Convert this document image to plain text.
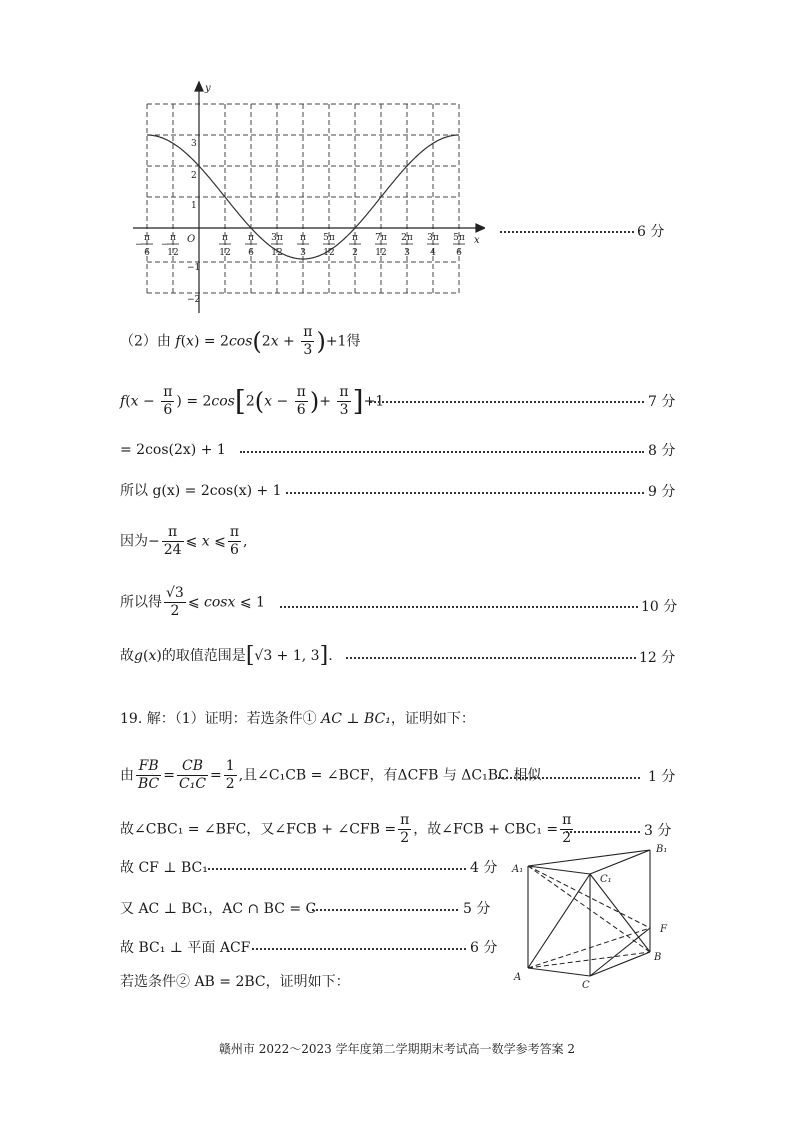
y
x
O
3
2
1
−1
−2
π
6
−
π
12
−
π
12
π
6
3π
12
π
3
5π
12
π
2
7π
12
2π
3
3π
4
5π
6
6 分
（2）由 $f(x) = 2\cos(2x + \frac{\pi}{3} )+1$得
$f(x - \frac{\pi}{6}$ ) = $2\cos[2(x - \frac{\pi}{6}$ )+ $\frac{\pi}{3} ]+1$	7 分
= 2cos(2x) + 1	8 分
所以 g(x) = 2cos(x) + 1	9 分
因为− $\frac{\pi}{24}$ ⩽ x ⩽ $\frac{\pi}{6}$ ,
所以得 $\frac{√3}{2}$ ⩽ cosx ⩽ 1	10 分
故g(x)的取值范围是[√3 + 1, 3].	12 分
19. 解：（1）证明：若选条件① AC ⊥ BC₁，证明如下：
由 $\frac{FB}{BC} = \frac{CB}{\text{C₁C}} = \frac{1}{2}$ ,且∠C₁CB = ∠BCF，有ΔCFB 与 ΔC₁BC 相似	1 分
故∠CBC₁ = ∠BFC，又∠FCB + ∠CFB = $\frac{\pi}{2}$ ，故∠FCB + $CBC_1 = \frac{\pi}{2}$	3 分
故 CF ⊥ BC₁	4 分
又 AC ⊥ BC₁，AC ∩ BC = C	5 分
故 BC₁ ⊥ 平面 ACF	6 分
若选条件② AB = 2BC，证明如下：
A₁
B₁
C₁
F
A
B
C
赣州市 2022～2023 学年度第二学期期末考试高一数学参考答案 2
